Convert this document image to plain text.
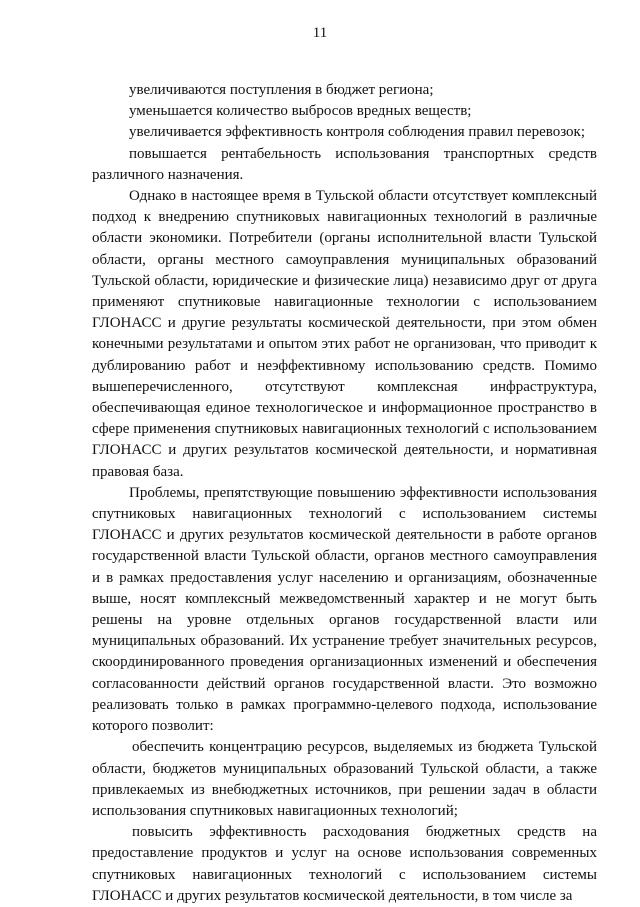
11

увеличиваются поступления в бюджет региона;

уменьшается количество выбросов вредных веществ;

увеличивается эффективность контроля соблюдения правил перевозок;

повышается рентабельность использования транспортных средств различного назначения.

Однако в настоящее время в Тульской области отсутствует комплексный подход к внедрению спутниковых навигационных технологий в различные области экономики. Потребители (органы исполнительной власти Тульской области, органы местного самоуправления муниципальных образований Тульской области, юридические и физические лица) независимо друг от друга применяют спутниковые навигационные технологии с использованием ГЛОНАСС и другие результаты космической деятельности, при этом обмен конечными результатами и опытом этих работ не организован, что приводит к дублированию работ и неэффективному использованию средств. Помимо вышеперечисленного, отсутствуют комплексная инфраструктура, обеспечивающая единое технологическое и информационное пространство в сфере применения спутниковых навигационных технологий с использованием ГЛОНАСС и других результатов космической деятельности, и нормативная правовая база.

Проблемы, препятствующие повышению эффективности использования спутниковых навигационных технологий с использованием системы ГЛОНАСС и других результатов космической деятельности в работе органов государственной власти Тульской области, органов местного самоуправления и в рамках предоставления услуг населению и организациям, обозначенные выше, носят комплексный межведомственный характер и не могут быть решены на уровне отдельных органов государственной власти или муниципальных образований. Их устранение требует значительных ресурсов, скоординированного проведения организационных изменений и обеспечения согласованности действий органов государственной власти. Это возможно реализовать только в рамках программно-целевого подхода, использование которого позволит:

обеспечить концентрацию ресурсов, выделяемых из бюджета Тульской области, бюджетов муниципальных образований Тульской области, а также привлекаемых из внебюджетных источников, при решении задач в области использования спутниковых навигационных технологий;

повысить эффективность расходования бюджетных средств на предоставление продуктов и услуг на основе использования современных спутниковых навигационных технологий с использованием системы ГЛОНАСС и других результатов космической деятельности, в том числе за
